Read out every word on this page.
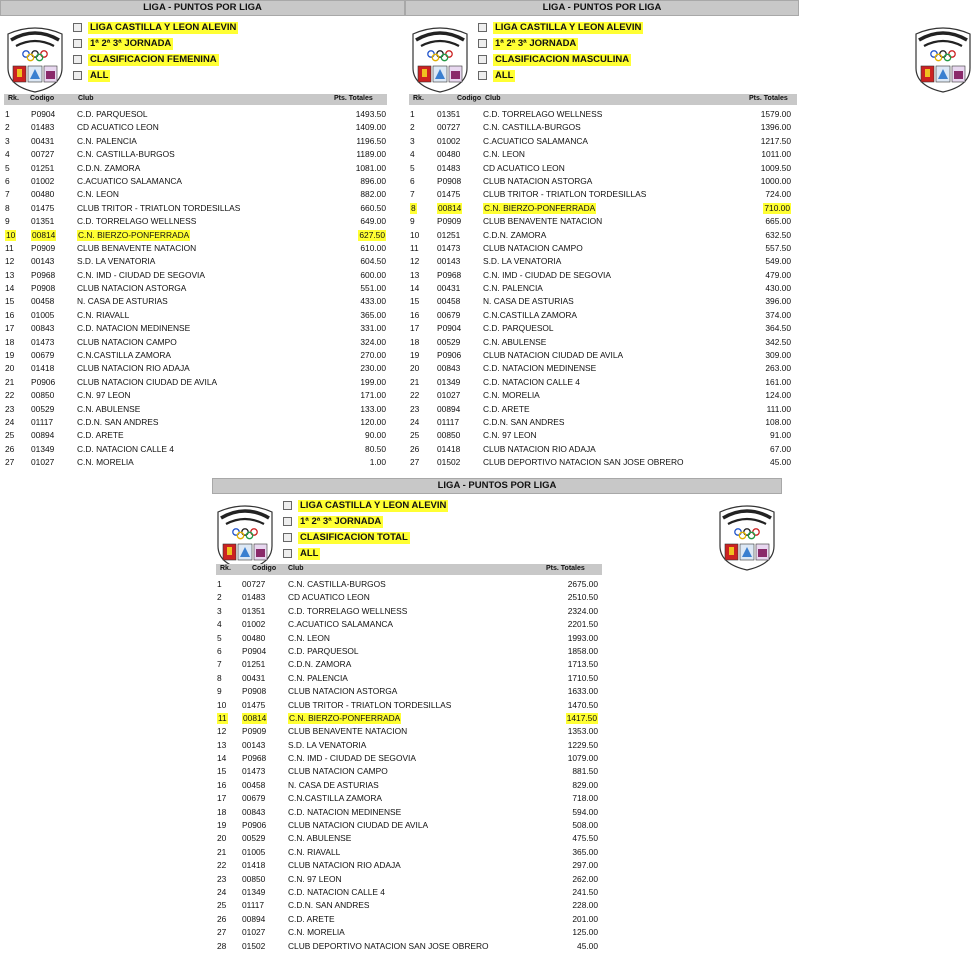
LIGA - PUNTOS POR LIGA
LIGA CASTILLA Y LEON ALEVIN
1ª 2ª 3ª JORNADA
CLASIFICACION FEMENINA
ALL
Rk. Codigo	Club	Pts. Totales
1	P0904	C.D. PARQUESOL	1493.50
2	01483	CD ACUATICO LEON	1409.00
3	00431	C.N. PALENCIA	1196.50
4	00727	C.N. CASTILLA-BURGOS	1189.00
5	01251	C.D.N. ZAMORA	1081.00
6	01002	C.ACUATICO SALAMANCA	896.00
7	00480	C.N. LEON	882.00
8	01475	CLUB TRITOR - TRIATLON TORDESILLAS	660.50
9	01351	C.D. TORRELAGO WELLNESS	649.00
10 00814	C.N. BIERZO-PONFERRADA	627.50
11 P0909	CLUB BENAVENTE NATACION	610.00
12 00143	S.D. LA VENATORIA	604.50
13 P0968	C.N. IMD - CIUDAD DE SEGOVIA	600.00
14 P0908	CLUB NATACION ASTORGA	551.00
15 00458	N. CASA DE ASTURIAS	433.00
16 01005	C.N. RIAVALL	365.00
17 00843	C.D. NATACION MEDINENSE	331.00
18 01473	CLUB NATACION CAMPO	324.00
19 00679	C.N.CASTILLA ZAMORA	270.00
20 01418	CLUB NATACION RIO ADAJA	230.00
21 P0906	CLUB NATACION CIUDAD DE AVILA	199.00
22 00850	C.N. 97 LEON	171.00
23 00529	C.N. ABULENSE	133.00
24 01117	C.D.N. SAN ANDRES	120.00
25 00894	C.D. ARETE	90.00
26 01349	C.D. NATACION CALLE 4	80.50
27 01027	C.N. MORELIA	1.00
LIGA - PUNTOS POR LIGA
LIGA CASTILLA Y LEON ALEVIN
1ª 2ª 3ª JORNADA
CLASIFICACION MASCULINA
ALL
Rk.	Codigo Club	Pts. Totales
1	01351	C.D. TORRELAGO WELLNESS	1579.00
2	00727	C.N. CASTILLA-BURGOS	1396.00
3	01002	C.ACUATICO SALAMANCA	1217.50
4	00480	C.N. LEON	1011.00
5	01483	CD ACUATICO LEON	1009.50
6	P0908	CLUB NATACION ASTORGA	1000.00
7	01475	CLUB TRITOR - TRIATLON TORDESILLAS	724.00
8	00814	C.N. BIERZO-PONFERRADA	710.00
9	P0909	CLUB BENAVENTE NATACION	665.00
10 01251	C.D.N. ZAMORA	632.50
11 01473	CLUB NATACION CAMPO	557.50
12 00143	S.D. LA VENATORIA	549.00
13 P0968	C.N. IMD - CIUDAD DE SEGOVIA	479.00
14 00431	C.N. PALENCIA	430.00
15 00458	N. CASA DE ASTURIAS	396.00
16 00679	C.N.CASTILLA ZAMORA	374.00
17 P0904	C.D. PARQUESOL	364.50
18 00529	C.N. ABULENSE	342.50
19 P0906	CLUB NATACION CIUDAD DE AVILA	309.00
20 00843	C.D. NATACION MEDINENSE	263.00
21 01349	C.D. NATACION CALLE 4	161.00
22 01027	C.N. MORELIA	124.00
23 00894	C.D. ARETE	111.00
24 01117	C.D.N. SAN ANDRES	108.00
25 00850	C.N. 97 LEON	91.00
26 01418	CLUB NATACION RIO ADAJA	67.00
27 01502	CLUB DEPORTIVO NATACION SAN JOSE OBRERO	45.00
LIGA - PUNTOS POR LIGA
LIGA CASTILLA Y LEON ALEVIN
1ª 2ª 3ª JORNADA
CLASIFICACION TOTAL
ALL
Rk.	Codigo Club	Pts. Totales
1 00727	C.N. CASTILLA-BURGOS	2675.00
2 01483	CD ACUATICO LEON	2510.50
3 01351	C.D. TORRELAGO WELLNESS	2324.00
4 01002	C.ACUATICO SALAMANCA	2201.50
5 00480	C.N. LEON	1993.00
6 P0904	C.D. PARQUESOL	1858.00
7 01251	C.D.N. ZAMORA	1713.50
8 00431	C.N. PALENCIA	1710.50
9 P0908	CLUB NATACION ASTORGA	1633.00
10 01475	CLUB TRITOR - TRIATLON TORDESILLAS	1470.50
11 00814	C.N. BIERZO-PONFERRADA	1417.50
12 P0909	CLUB BENAVENTE NATACION	1353.00
13 00143	S.D. LA VENATORIA	1229.50
14 P0968	C.N. IMD - CIUDAD DE SEGOVIA	1079.00
15 01473	CLUB NATACION CAMPO	881.50
16 00458	N. CASA DE ASTURIAS	829.00
17 00679	C.N.CASTILLA ZAMORA	718.00
18 00843	C.D. NATACION MEDINENSE	594.00
19 P0906	CLUB NATACION CIUDAD DE AVILA	508.00
20 00529	C.N. ABULENSE	475.50
21 01005	C.N. RIAVALL	365.00
22 01418	CLUB NATACION RIO ADAJA	297.00
23 00850	C.N. 97 LEON	262.00
24 01349	C.D. NATACION CALLE 4	241.50
25 01117	C.D.N. SAN ANDRES	228.00
26 00894	C.D. ARETE	201.00
27 01027	C.N. MORELIA	125.00
28 01502	CLUB DEPORTIVO NATACION SAN JOSE OBRERO	45.00
